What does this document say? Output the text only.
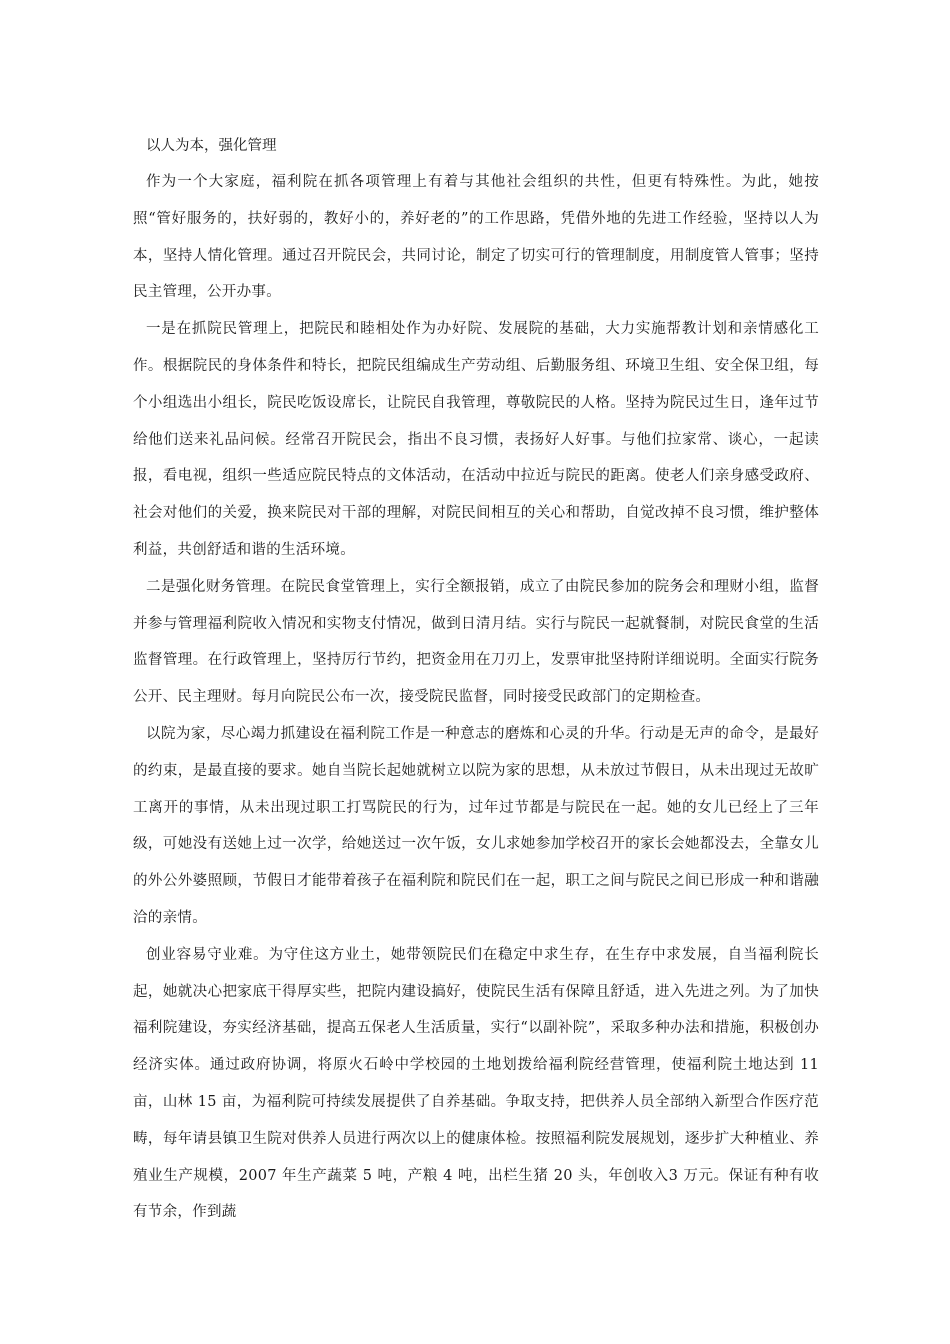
以人为本，强化管理

作为一个大家庭，福利院在抓各项管理上有着与其他社会组织的共性，但更有特殊性。为此，她按照“管好服务的，扶好弱的，教好小的，养好老的”的工作思路，凭借外地的先进工作经验，坚持以人为本，坚持人情化管理。通过召开院民会，共同讨论，制定了切实可行的管理制度，用制度管人管事；坚持民主管理，公开办事。

一是在抓院民管理上，把院民和睦相处作为办好院、发展院的基础，大力实施帮教计划和亲情感化工作。根据院民的身体条件和特长，把院民组编成生产劳动组、后勤服务组、环境卫生组、安全保卫组，每个小组选出小组长，院民吃饭设席长，让院民自我管理，尊敬院民的人格。坚持为院民过生日，逢年过节给他们送来礼品问候。经常召开院民会，指出不良习惯，表扬好人好事。与他们拉家常、谈心，一起读报，看电视，组织一些适应院民特点的文体活动，在活动中拉近与院民的距离。使老人们亲身感受政府、社会对他们的关爱，换来院民对干部的理解，对院民间相互的关心和帮助，自觉改掉不良习惯，维护整体利益，共创舒适和谐的生活环境。

二是强化财务管理。在院民食堂管理上，实行全额报销，成立了由院民参加的院务会和理财小组，监督并参与管理福利院收入情况和实物支付情况，做到日清月结。实行与院民一起就餐制，对院民食堂的生活监督管理。在行政管理上，坚持厉行节约，把资金用在刀刃上，发票审批坚持附详细说明。全面实行院务公开、民主理财。每月向院民公布一次，接受院民监督，同时接受民政部门的定期检查。

以院为家，尽心竭力抓建设在福利院工作是一种意志的磨炼和心灵的升华。行动是无声的命令，是最好的约束，是最直接的要求。她自当院长起她就树立以院为家的思想，从未放过节假日，从未出现过无故旷工离开的事情，从未出现过职工打骂院民的行为，过年过节都是与院民在一起。她的女儿已经上了三年级，可她没有送她上过一次学，给她送过一次午饭，女儿求她参加学校召开的家长会她都没去，全靠女儿的外公外婆照顾，节假日才能带着孩子在福利院和院民们在一起，职工之间与院民之间已形成一种和谐融洽的亲情。

创业容易守业难。为守住这方业土，她带领院民们在稳定中求生存，在生存中求发展，自当福利院长起，她就决心把家底干得厚实些，把院内建设搞好，使院民生活有保障且舒适，进入先进之列。为了加快福利院建设，夯实经济基础，提高五保老人生活质量，实行“以副补院”，采取多种办法和措施，积极创办经济实体。通过政府协调，将原火石岭中学校园的土地划拨给福利院经营管理，使福利院土地达到 11 亩，山林 15 亩，为福利院可持续发展提供了自养基础。争取支持，把供养人员全部纳入新型合作医疗范畴，每年请县镇卫生院对供养人员进行两次以上的健康体检。按照福利院发展规划，逐步扩大种植业、养殖业生产规模，2007 年生产蔬菜 5 吨，产粮 4 吨，出栏生猪 20 头，年创收入3 万元。保证有种有收有节余，作到蔬
